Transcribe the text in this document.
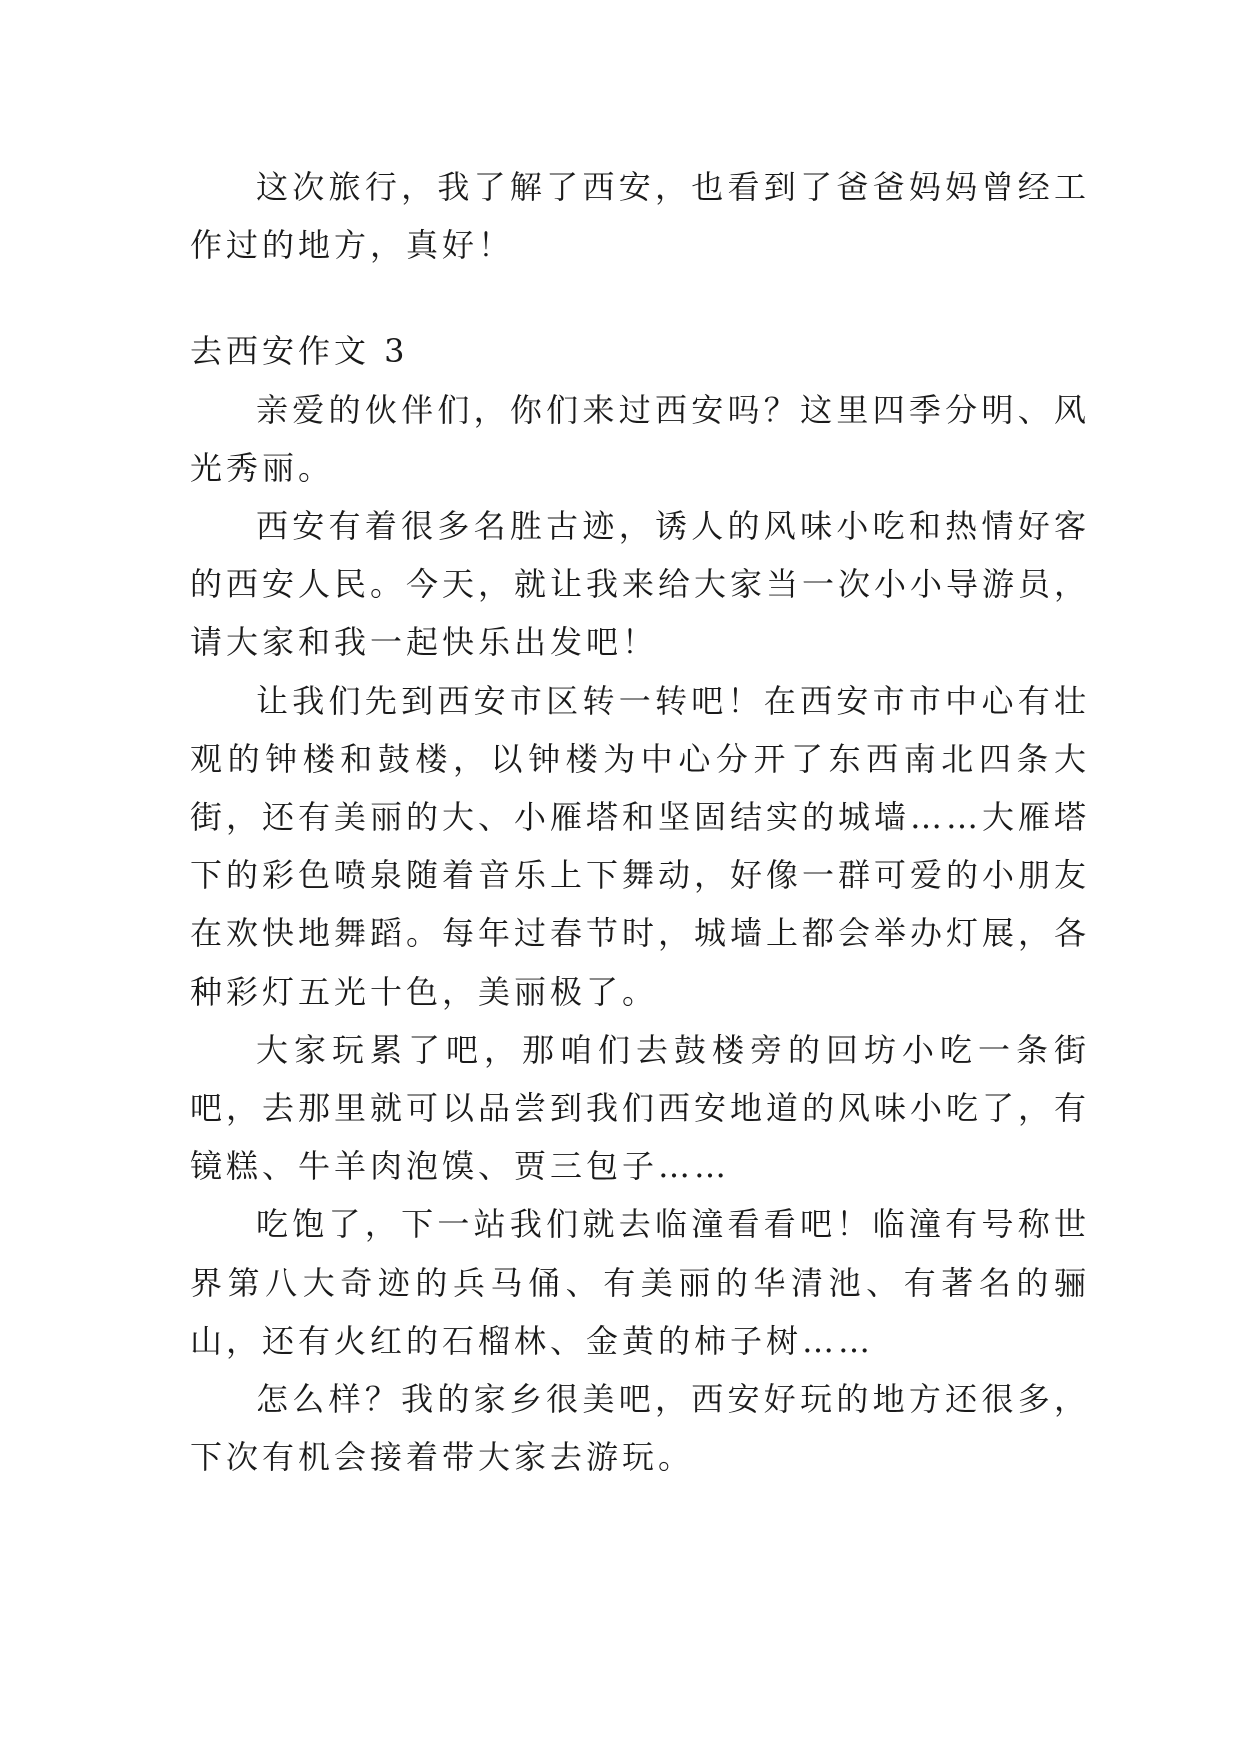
这次旅行，我了解了西安，也看到了爸爸妈妈曾经工作过的地方，真好！

去西安作文 3

亲爱的伙伴们，你们来过西安吗？这里四季分明、风光秀丽。

西安有着很多名胜古迹，诱人的风味小吃和热情好客的西安人民。今天，就让我来给大家当一次小小导游员，请大家和我一起快乐出发吧！

让我们先到西安市区转一转吧！在西安市市中心有壮观的钟楼和鼓楼，以钟楼为中心分开了东西南北四条大街，还有美丽的大、小雁塔和坚固结实的城墙……大雁塔下的彩色喷泉随着音乐上下舞动，好像一群可爱的小朋友在欢快地舞蹈。每年过春节时，城墙上都会举办灯展，各种彩灯五光十色，美丽极了。

大家玩累了吧，那咱们去鼓楼旁的回坊小吃一条街吧，去那里就可以品尝到我们西安地道的风味小吃了，有镜糕、牛羊肉泡馍、贾三包子……

吃饱了，下一站我们就去临潼看看吧！临潼有号称世界第八大奇迹的兵马俑、有美丽的华清池、有著名的骊山，还有火红的石榴林、金黄的柿子树……

怎么样？我的家乡很美吧，西安好玩的地方还很多，下次有机会接着带大家去游玩。
